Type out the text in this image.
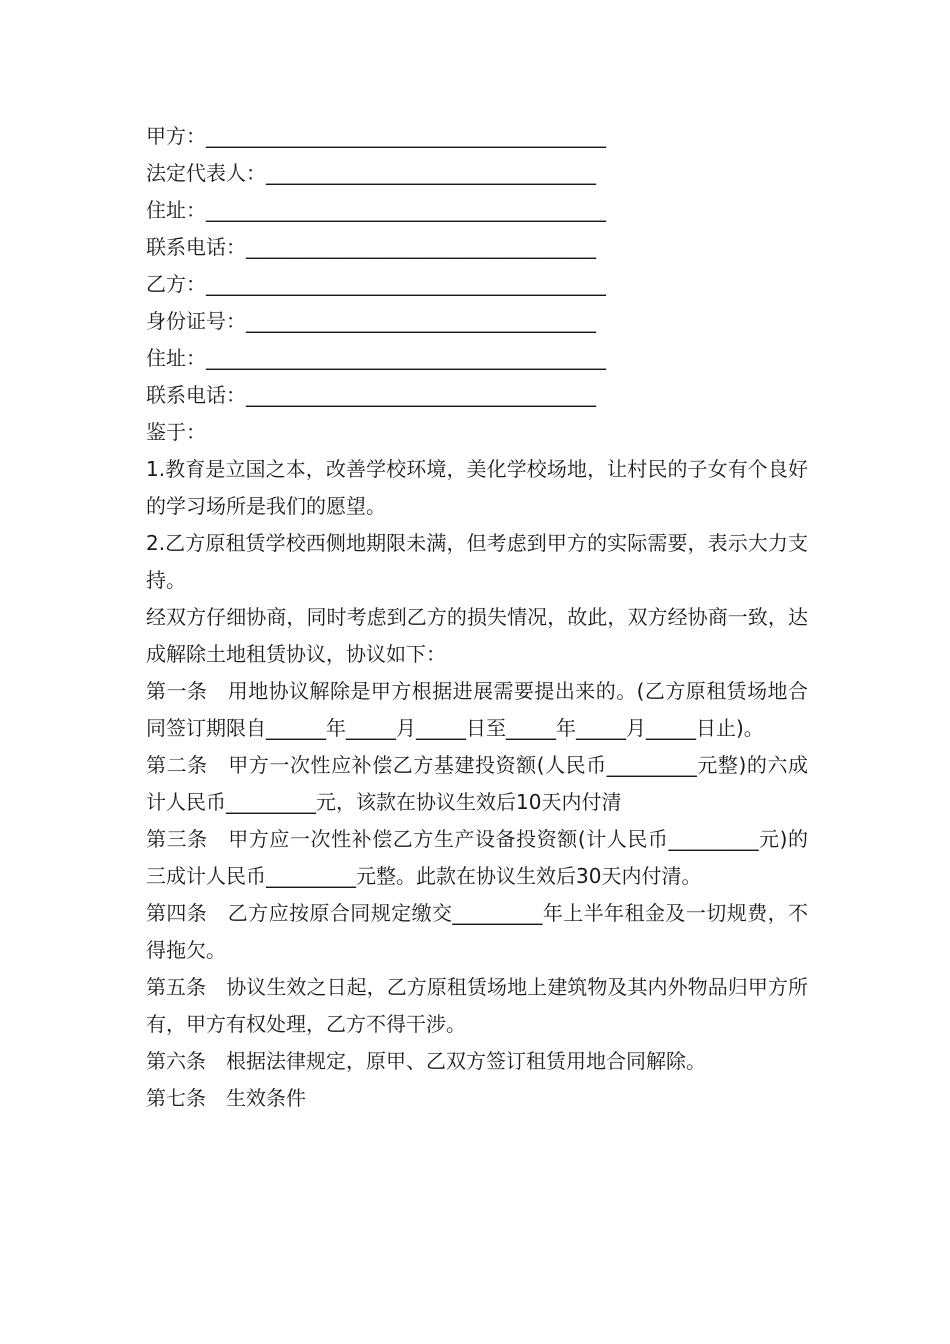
甲方：________________________________________
法定代表人：_________________________________
住址：________________________________________
联系电话：___________________________________
乙方：________________________________________
身份证号：___________________________________
住址：________________________________________
联系电话：___________________________________
鉴于：
1.教育是立国之本，改善学校环境，美化学校场地，让村民的子女有个良好的学习场所是我们的愿望。
2.乙方原租赁学校西侧地期限未满，但考虑到甲方的实际需要，表示大力支持。
经双方仔细协商，同时考虑到乙方的损失情况，故此，双方经协商一致，达成解除土地租赁协议，协议如下：
第一条　用地协议解除是甲方根据进展需要提出来的。(乙方原租赁场地合同签订期限自______年_____月_____日至_____年_____月_____日止)。
第二条　甲方一次性应补偿乙方基建投资额(人民币_________元整)的六成计人民币_________元，该款在协议生效后10天内付清
第三条　甲方应一次性补偿乙方生产设备投资额(计人民币_________元)的三成计人民币_________元整。此款在协议生效后30天内付清。
第四条　乙方应按原合同规定缴交_________年上半年租金及一切规费，不得拖欠。
第五条　协议生效之日起，乙方原租赁场地上建筑物及其内外物品归甲方所有，甲方有权处理，乙方不得干涉。
第六条　根据法律规定，原甲、乙双方签订租赁用地合同解除。
第七条　生效条件
